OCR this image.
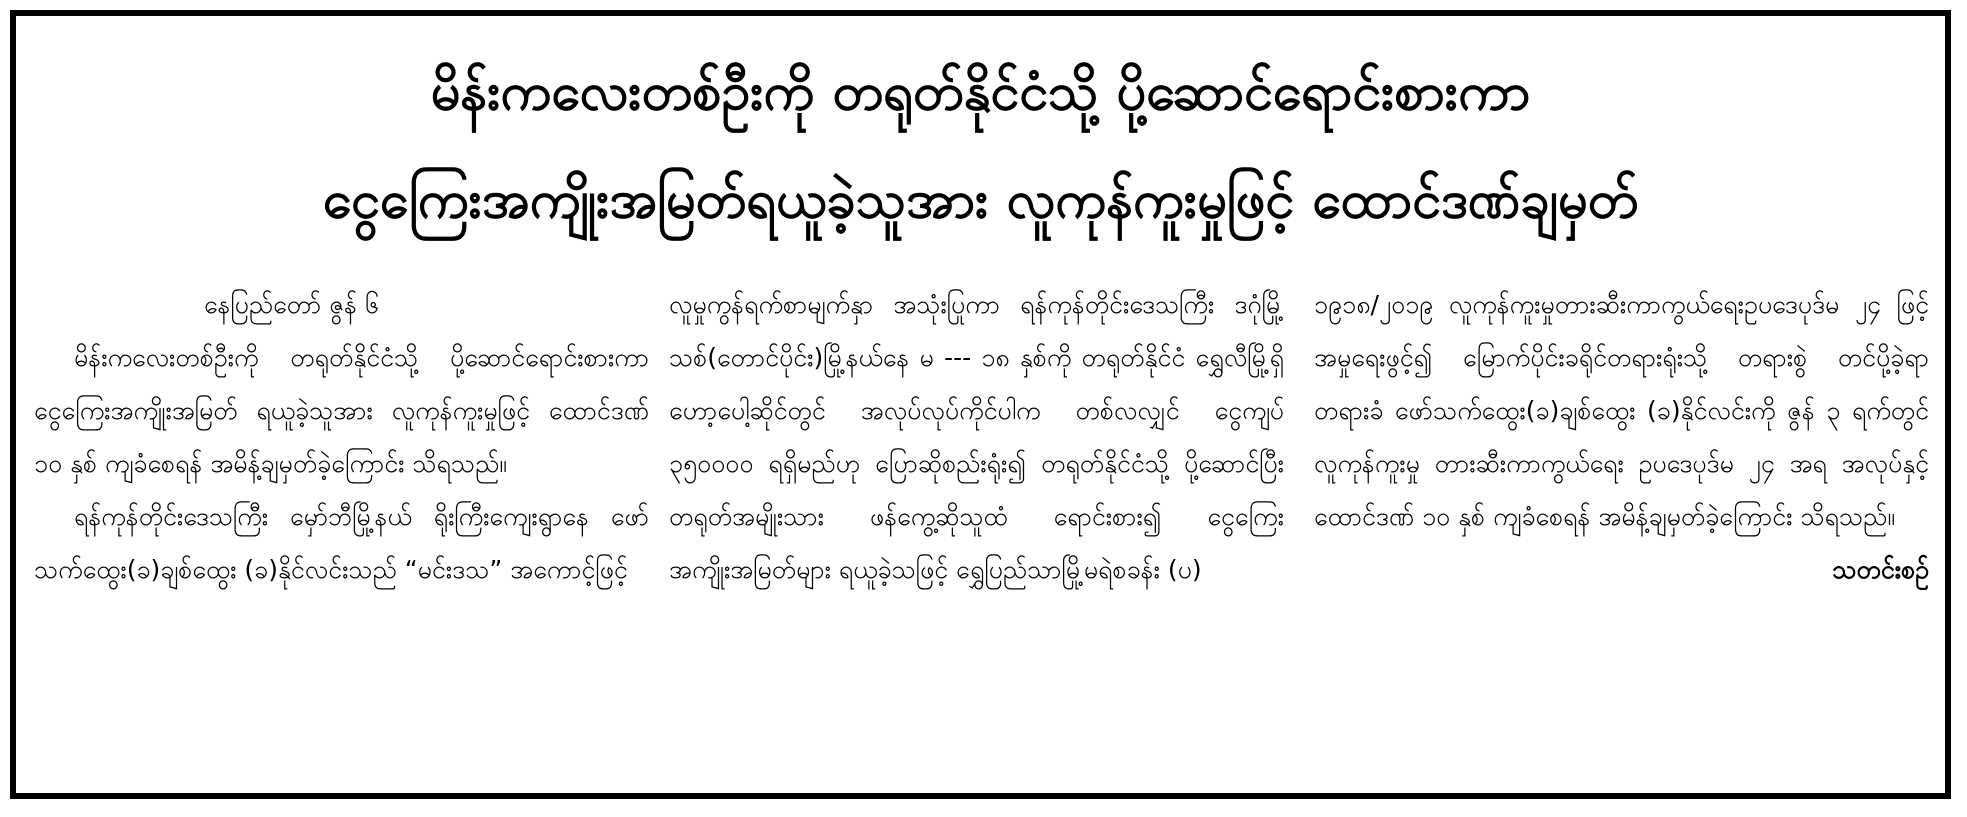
မိန်းကလေးတစ်ဦးကို တရုတ်နိုင်ငံသို့ ပို့ဆောင်ရောင်းစားကာ
ငွေကြေးအကျိုးအမြတ်ရယူခဲ့သူအား လူကုန်ကူးမှုဖြင့် ထောင်ဒဏ်ချမှတ်

နေပြည်တော် ဇွန် ၆

မိန်းကလေးတစ်ဦးကို တရုတ်နိုင်ငံသို့ ပို့ဆောင်ရောင်းစားကာ ငွေကြေးအကျိုးအမြတ် ရယူခဲ့သူအား လူကုန်ကူးမှုဖြင့် ထောင်ဒဏ် ၁၀ နှစ် ကျခံစေရန် အမိန့်ချမှတ်ခဲ့ကြောင်း သိရသည်။

ရန်ကုန်တိုင်းဒေသကြီး မှော်ဘီမြို့နယ် ရိုးကြီးကျေးရွာနေ ဖော်သက်ထွေး(ခ)ချစ်ထွေး (ခ)နိုင်လင်းသည် “မင်းဒသ” အကောင့်ဖြင့်

လူမှုကွန်ရက်စာမျက်နှာ အသုံးပြုကာ ရန်ကုန်တိုင်းဒေသကြီး ဒဂုံမြို့သစ်(တောင်ပိုင်း)မြို့နယ်နေ မ --- ၁၈ နှစ်ကို တရုတ်နိုင်ငံ ရွှေလီမြို့ရှိ ဟော့ပေါ့ဆိုင်တွင် အလုပ်လုပ်ကိုင်ပါက တစ်လလျှင် ငွေကျပ် ၃၅၀၀၀၀ ရရှိမည်ဟု ပြောဆိုစည်းရုံး၍ တရုတ်နိုင်ငံသို့ ပို့ဆောင်ပြီး တရုတ်အမျိုးသား ဖန်ကွေ့ဆိုသူထံ ရောင်းစား၍ ငွေကြေးအကျိုးအမြတ်များ ရယူခဲ့သဖြင့် ရွှေပြည်သာမြို့မရဲစခန်း (ပ)

၁၉၁၈/၂၀၁၉ လူကုန်ကူးမှုတားဆီးကာကွယ်ရေးဥပဒေပုဒ်မ ၂၄ ဖြင့် အမှုရေးဖွင့်၍ မြောက်ပိုင်းခရိုင်တရားရုံးသို့ တရားစွဲ တင်ပို့ခဲ့ရာ တရားခံ ဖော်သက်ထွေး(ခ)ချစ်ထွေး (ခ)နိုင်လင်းကို ဇွန် ၃ ရက်တွင် လူကုန်ကူးမှု တားဆီးကာကွယ်ရေး ဥပဒေပုဒ်မ ၂၄ အရ အလုပ်နှင့် ထောင်ဒဏ် ၁၀ နှစ် ကျခံစေရန် အမိန့်ချမှတ်ခဲ့ကြောင်း သိရသည်။

သတင်းစဉ်
